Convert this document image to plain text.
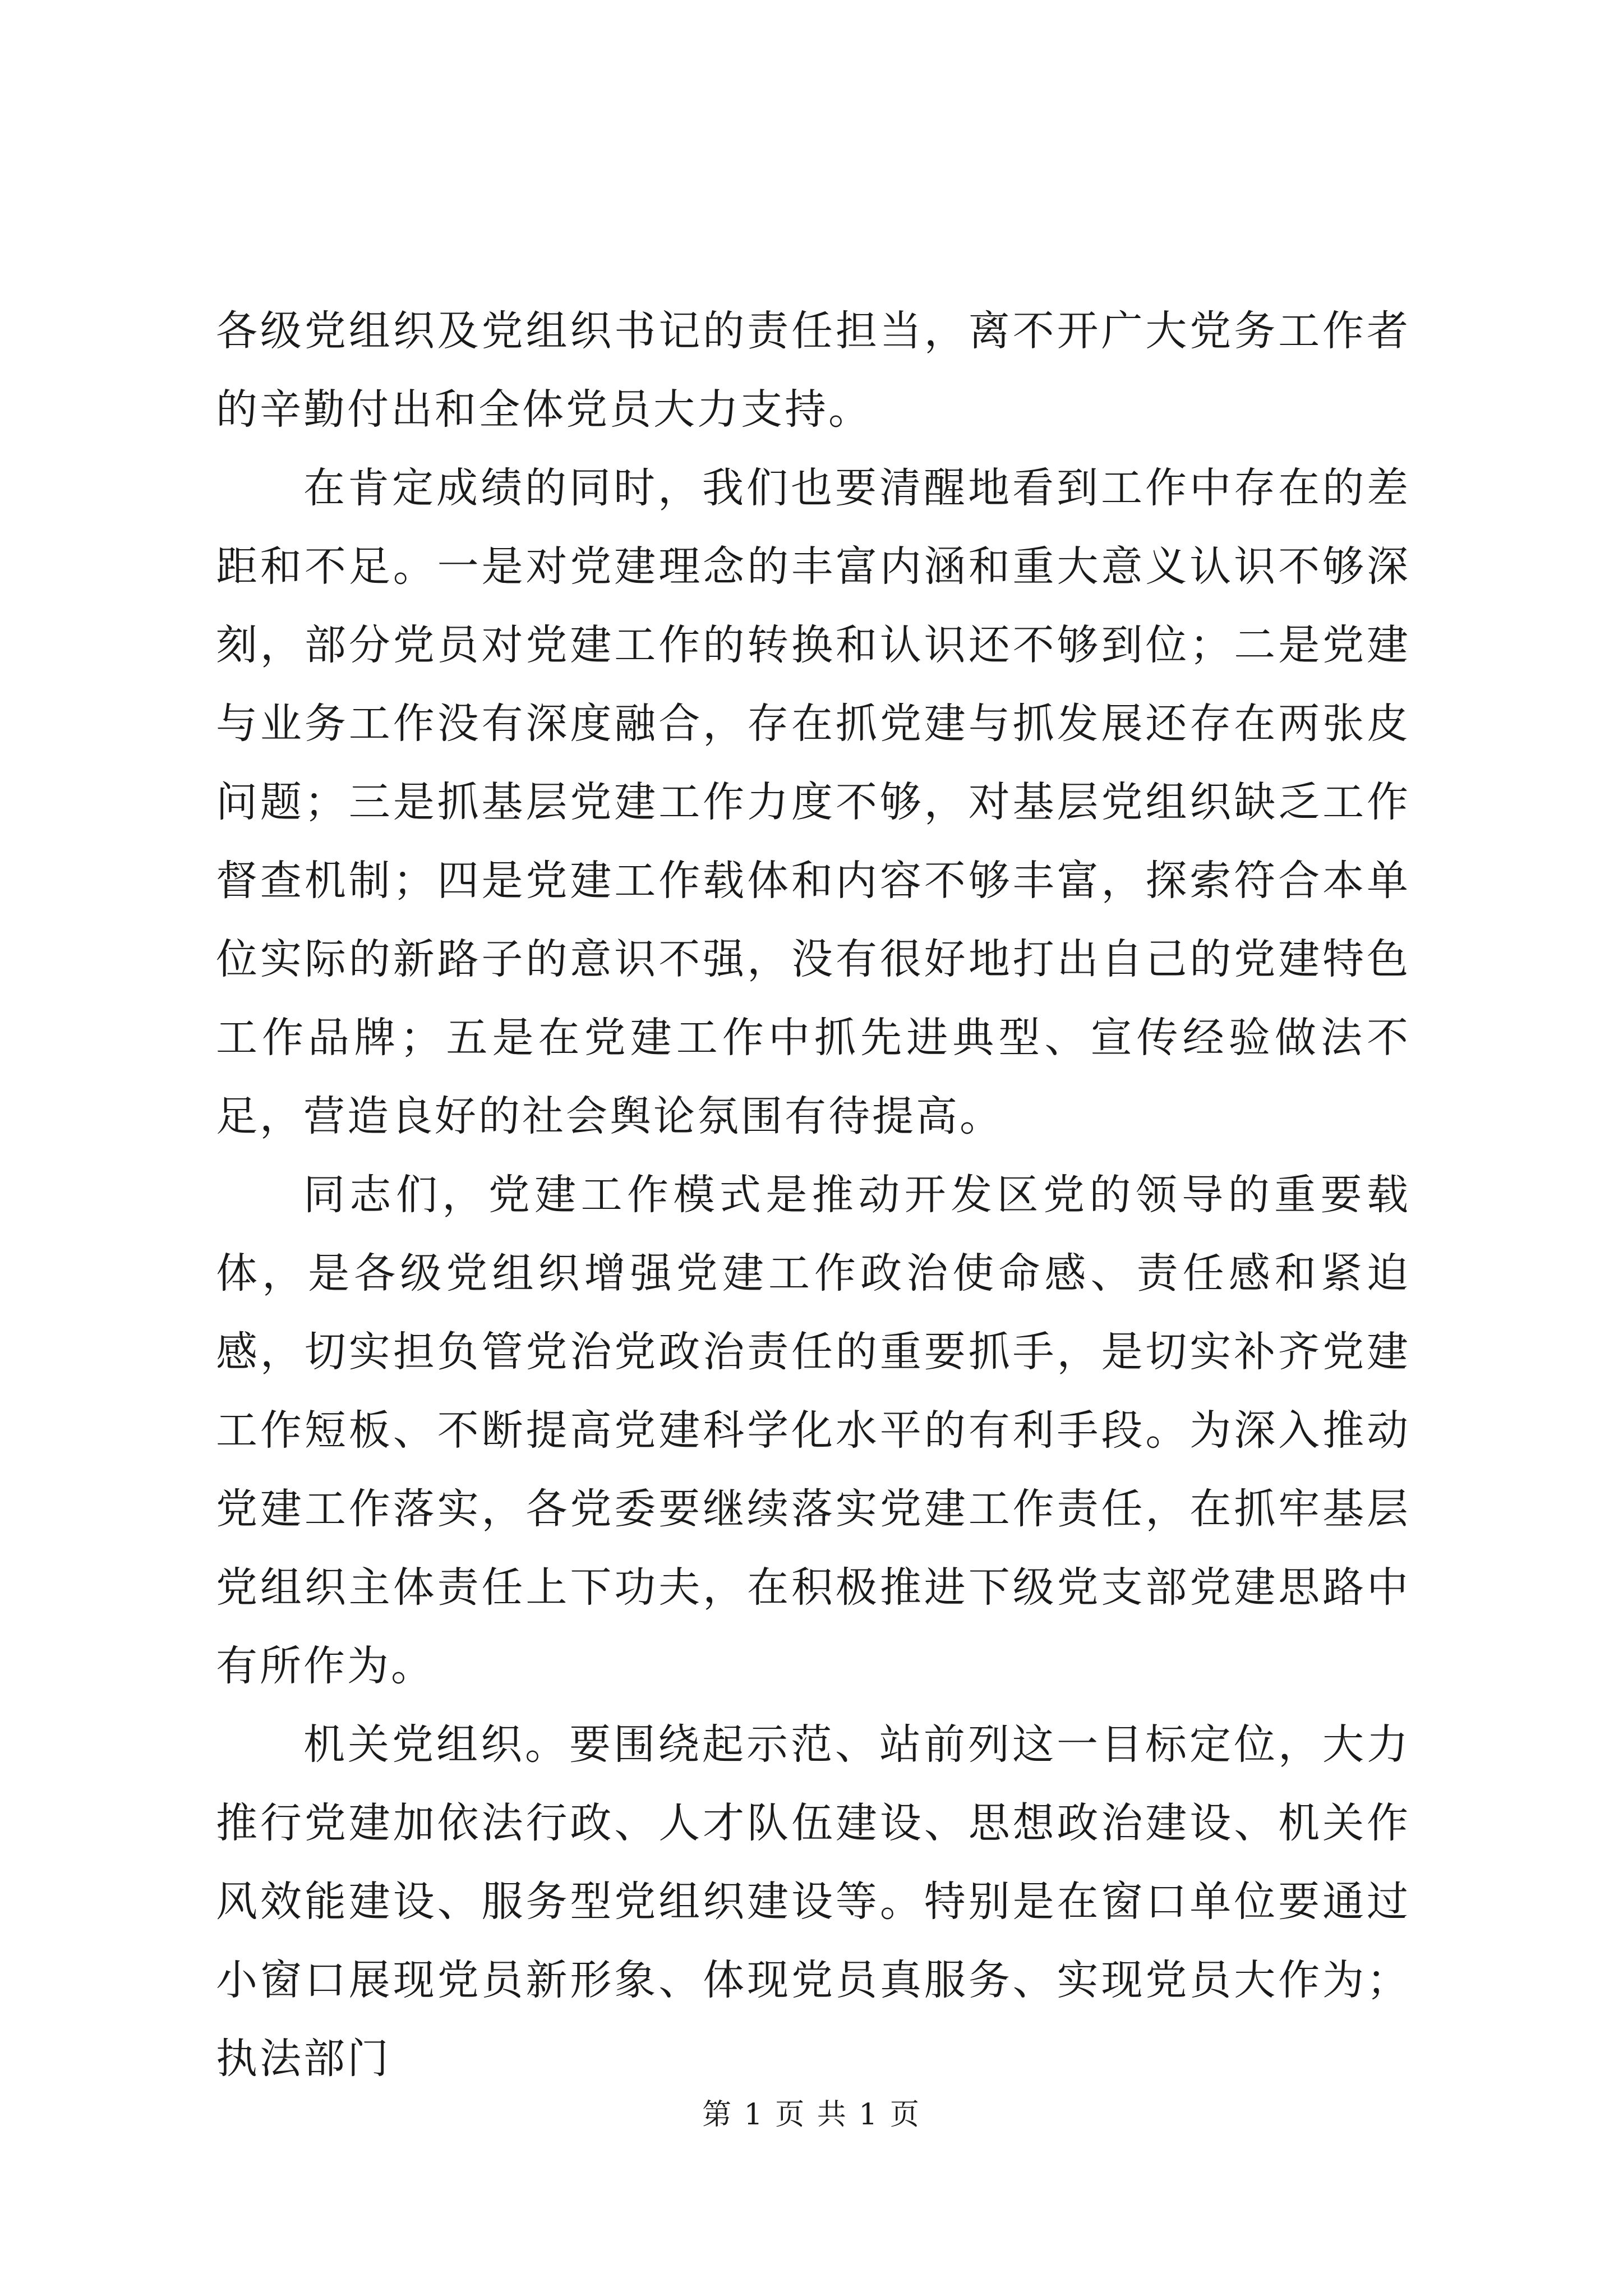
各级党组织及党组织书记的责任担当，离不开广大党务工作者的辛勤付出和全体党员大力支持。

在肯定成绩的同时，我们也要清醒地看到工作中存在的差距和不足。一是对党建理念的丰富内涵和重大意义认识不够深刻，部分党员对党建工作的转换和认识还不够到位；二是党建与业务工作没有深度融合，存在抓党建与抓发展还存在两张皮问题；三是抓基层党建工作力度不够，对基层党组织缺乏工作督查机制；四是党建工作载体和内容不够丰富，探索符合本单位实际的新路子的意识不强，没有很好地打出自己的党建特色工作品牌；五是在党建工作中抓先进典型、宣传经验做法不足，营造良好的社会舆论氛围有待提高。

同志们，党建工作模式是推动开发区党的领导的重要载体，是各级党组织增强党建工作政治使命感、责任感和紧迫感，切实担负管党治党政治责任的重要抓手，是切实补齐党建工作短板、不断提高党建科学化水平的有利手段。为深入推动党建工作落实，各党委要继续落实党建工作责任，在抓牢基层党组织主体责任上下功夫，在积极推进下级党支部党建思路中有所作为。

机关党组织。要围绕起示范、站前列这一目标定位，大力推行党建加依法行政、人才队伍建设、思想政治建设、机关作风效能建设、服务型党组织建设等。特别是在窗口单位要通过小窗口展现党员新形象、体现党员真服务、实现党员大作为；执法部门

第 1 页 共 1 页
